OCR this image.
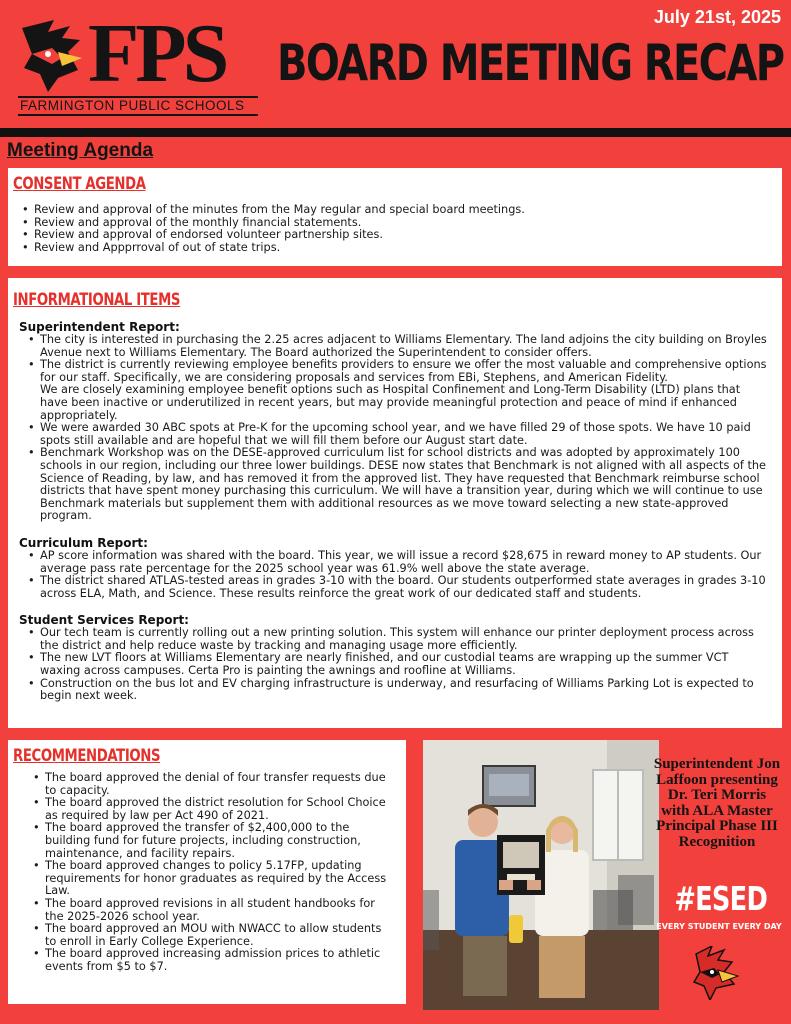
FPS
FARMINGTON PUBLIC SCHOOLS
July 21st, 2025
BOARD MEETING RECAP
Meeting Agenda
CONSENT AGENDA
• Review and approval of the minutes from the May regular and special board meetings.
• Review and approval of the monthly financial statements.
• Review and approval of endorsed volunteer partnership sites.
• Review and Appprroval of out of state trips.
INFORMATIONAL ITEMS
Superintendent Report:
• The city is interested in purchasing the 2.25 acres adjacent to Williams Elementary. The land adjoins the city building on Broyles Avenue next to Williams Elementary. The Board authorized the Superintendent to consider offers.
• The district is currently reviewing employee benefits providers to ensure we offer the most valuable and comprehensive options for our staff. Specifically, we are considering proposals and services from EBi, Stephens, and American Fidelity.
We are closely examining employee benefit options such as Hospital Confinement and Long-Term Disability (LTD) plans that have been inactive or underutilized in recent years, but may provide meaningful protection and peace of mind if enhanced appropriately.
• We were awarded 30 ABC spots at Pre-K for the upcoming school year, and we have filled 29 of those spots. We have 10 paid spots still available and are hopeful that we will fill them before our August start date.
• Benchmark Workshop was on the DESE-approved curriculum list for school districts and was adopted by approximately 100 schools in our region, including our three lower buildings. DESE now states that Benchmark is not aligned with all aspects of the Science of Reading, by law, and has removed it from the approved list. They have requested that Benchmark reimburse school districts that have spent money purchasing this curriculum. We will have a transition year, during which we will continue to use Benchmark materials but supplement them with additional resources as we move toward selecting a new state-approved program.
Curriculum Report:
• AP score information was shared with the board. This year, we will issue a record $28,675 in reward money to AP students. Our average pass rate percentage for the 2025 school year was 61.9% well above the state average.
• The district shared ATLAS-tested areas in grades 3-10 with the board. Our students outperformed state averages in grades 3-10 across ELA, Math, and Science. These results reinforce the great work of our dedicated staff and students.
Student Services Report:
• Our tech team is currently rolling out a new printing solution. This system will enhance our printer deployment process across the district and help reduce waste by tracking and managing usage more efficiently.
• The new LVT floors at Williams Elementary are nearly finished, and our custodial teams are wrapping up the summer VCT waxing across campuses. Certa Pro is painting the awnings and roofline at Williams.
• Construction on the bus lot and EV charging infrastructure is underway, and resurfacing of Williams Parking Lot is expected to begin next week.
RECOMMENDATIONS
• The board approved the denial of four transfer requests due to capacity.
• The board approved the district resolution for School Choice as required by law per Act 490 of 2021.
• The board approved the transfer of $2,400,000 to the building fund for future projects, including construction, maintenance, and facility repairs.
• The board approved changes to policy 5.17FP, updating requirements for honor graduates as required by the Access Law.
• The board approved revisions in all student handbooks for the 2025-2026 school year.
• The board approved an MOU with NWACC to allow students to enroll in Early College Experience.
• The board approved increasing admission prices to athletic events from $5 to $7.
Superintendent Jon Laffoon presenting Dr. Teri Morris with ALA Master Principal Phase III Recognition
#ESED
EVERY STUDENT EVERY DAY
